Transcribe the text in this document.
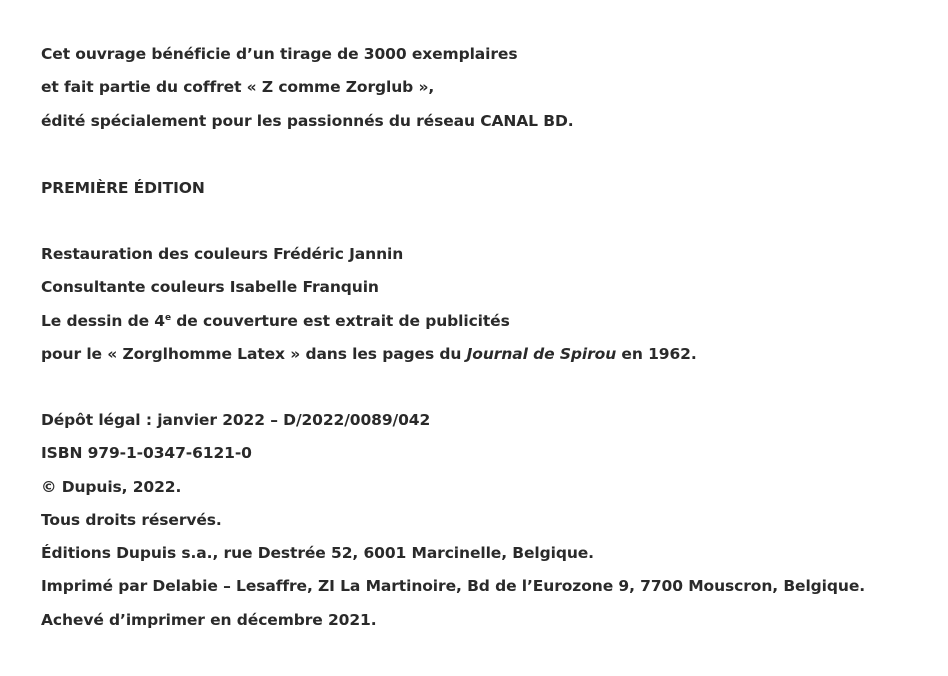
Cet ouvrage bénéficie d’un tirage de 3000 exemplaires
et fait partie du coffret « Z comme Zorglub »,
édité spécialement pour les passionnés du réseau CANAL BD.
PREMIÈRE ÉDITION
Restauration des couleurs Frédéric Jannin
Consultante couleurs Isabelle Franquin
Le dessin de 4e de couverture est extrait de publicités
pour le « Zorglhomme Latex » dans les pages du Journal de Spirou en 1962.
Dépôt légal : janvier 2022 – D/2022/0089/042
ISBN 979-1-0347-6121-0
© Dupuis, 2022.
Tous droits réservés.
Éditions Dupuis s.a., rue Destrée 52, 6001 Marcinelle, Belgique.
Imprimé par Delabie – Lesaffre, ZI La Martinoire, Bd de l’Eurozone 9, 7700 Mouscron, Belgique.
Achevé d’imprimer en décembre 2021.
